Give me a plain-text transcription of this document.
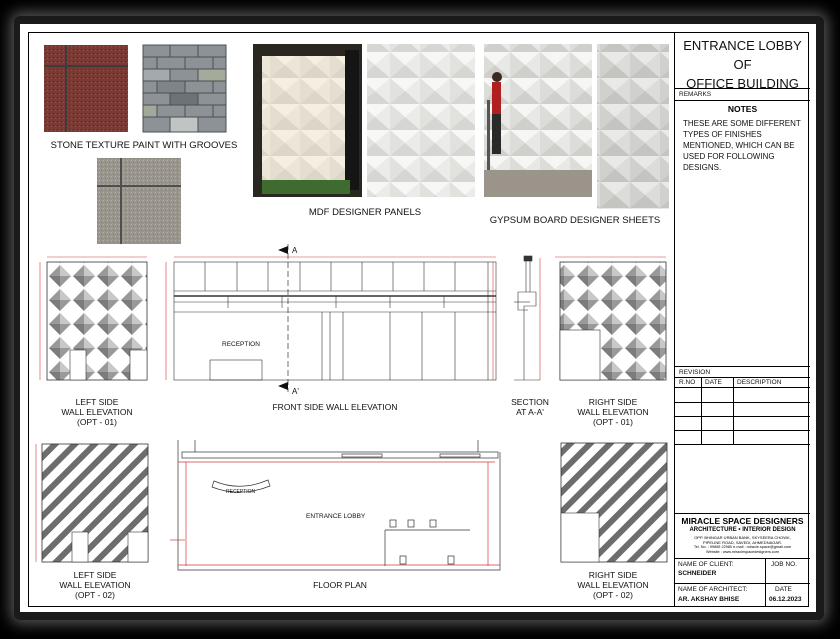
RECEPTION
A
A'
RECEPTION
ENTRANCE LOBBY
STONE TEXTURE PAINT WITH GROOVES
MDF DESIGNER PANELS
GYPSUM BOARD DESIGNER SHEETS
LEFT SIDE
WALL ELEVATION
(OPT - 01)
FRONT SIDE WALL ELEVATION	SECTION
AT A-A'
RIGHT SIDE
WALL ELEVATION
(OPT - 01)
LEFT SIDE
WALL ELEVATION
(OPT - 02)
FLOOR PLAN
RIGHT SIDE
WALL ELEVATION
(OPT - 02)
ENTRANCE LOBBY
OF
OFFICE BUILDING
REMARKS
NOTES
THESE ARE SOME DIFFERENT TYPES OF FINISHES MENTIONED, WHICH CAN BE USED FOR FOLLOWING DESIGNS.
REVISION
R.NO DATE DESCRIPTION
MIRACLE SPACE DESIGNERS
ARCHITECTURE • INTERIOR DESIGN
OPP. BHINGAR URBAN BANK, SKYSEERA CHOWK,
PIPELINE ROAD, SAVEDI, AHMEDNAGAR.
Tel. No. : 99865 22980 e-mail : miracle.space@gmail.com
Website : www.miraclespacedesigners.com
NAME OF CLIENT:
SCHNEIDER
JOB NO.
NAME OF ARCHITECT:
AR. AKSHAY BHISE
DATE
06.12.2023
